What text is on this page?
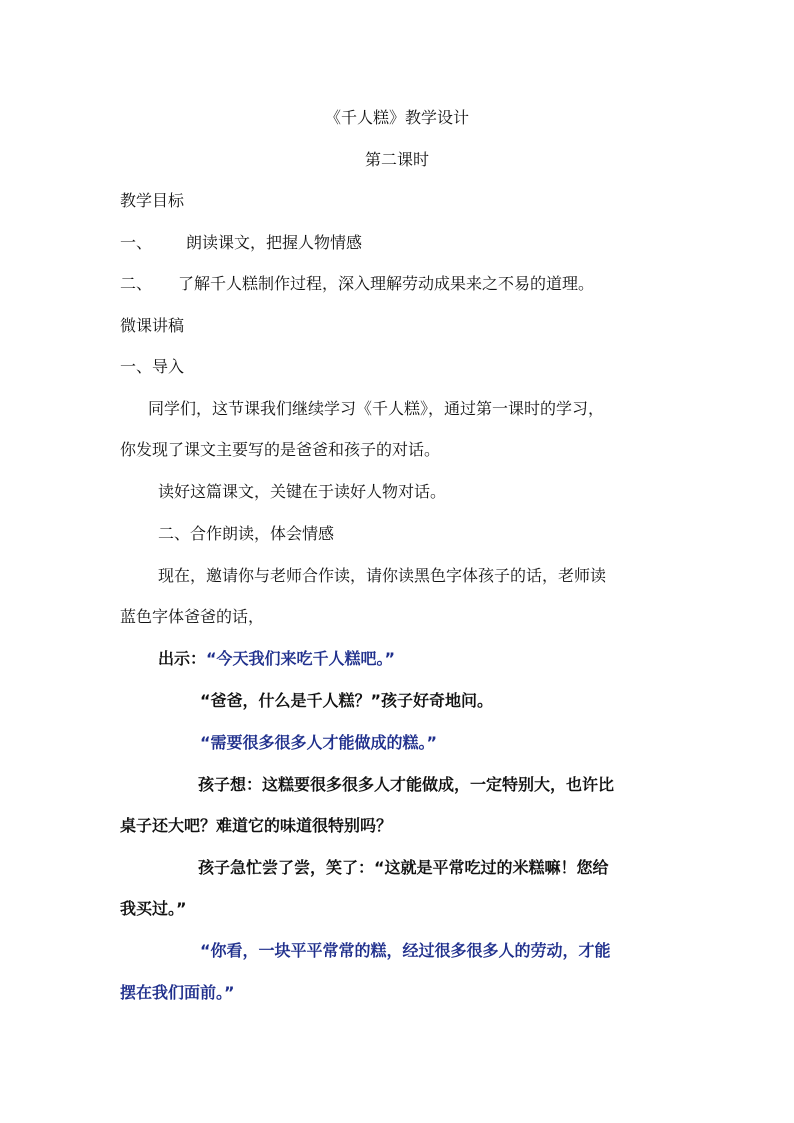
《千人糕》教学设计
第二课时
教学目标
一、 朗读课文，把握人物情感
二、 了解千人糕制作过程，深入理解劳动成果来之不易的道理。
微课讲稿
一、导入
同学们，这节课我们继续学习《千人糕》，通过第一课时的学习，
你发现了课文主要写的是爸爸和孩子的对话。
读好这篇课文，关键在于读好人物对话。
二、合作朗读，体会情感
现在，邀请你与老师合作读，请你读黑色字体孩子的话，老师读
蓝色字体爸爸的话，
出示：“今天我们来吃千人糕吧。”
“爸爸，什么是千人糕？”孩子好奇地问。
“需要很多很多人才能做成的糕。”
孩子想：这糕要很多很多人才能做成，一定特别大，也许比
桌子还大吧？难道它的味道很特别吗？
孩子急忙尝了尝，笑了：“这就是平常吃过的米糕嘛！您给
我买过。”
“你看，一块平平常常的糕，经过很多很多人的劳动，才能
摆在我们面前。”
